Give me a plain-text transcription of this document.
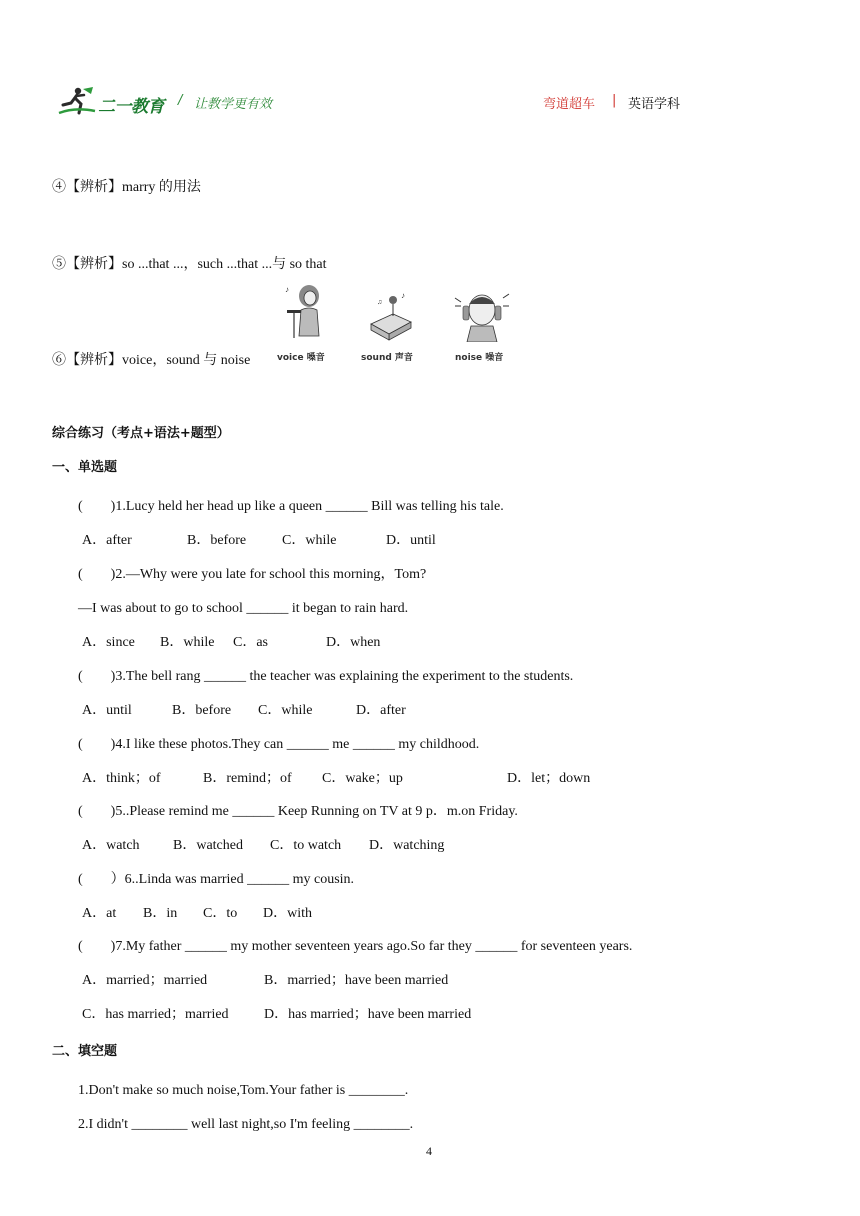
二一教育 / 让教学更有效	弯道超车 | 英语学科
④【辨析】marry 的用法
⑤【辨析】so ...that ...，such ...that ...与 so that
⑥【辨析】voice，sound 与 noise
♪
voice 嗓音
♪
♫
sound 声音	noise 噪音
综合练习（考点+语法+题型）
一、单选题
(　　)1.Lucy held her head up like a queen ______ Bill was telling his tale.
A．after	B．before	C．while	D．until
(　　)2.—Why were you late for school this morning，Tom?
—I was about to go to school ______ it began to rain hard.
A．since B．while C．as	D．when
(　　)3.The bell rang ______ the teacher was explaining the experiment to the students.
A．until	B．before C．while	D．after
(　　)4.I like these photos.They can ______ me ______ my childhood.
A．think；of	B．remind；of C．wake；up	D．let；down
(　　)5..Please remind me ______ Keep Running on TV at 9 p．m.on Friday.
A．watch B．watched C．to watch D．watching
(　　）6..Linda was married ______ my cousin.
A．at B．in C．to D．with
(　　)7.My father ______ my mother seventeen years ago.So far they ______ for seventeen years.
A．married；married	B．married；have been married
C．has married；married	D．has married；have been married
二、填空题
1.Don't make so much noise,Tom.Your father is ________.
2.I didn't ________ well last night,so I'm feeling ________.
4
